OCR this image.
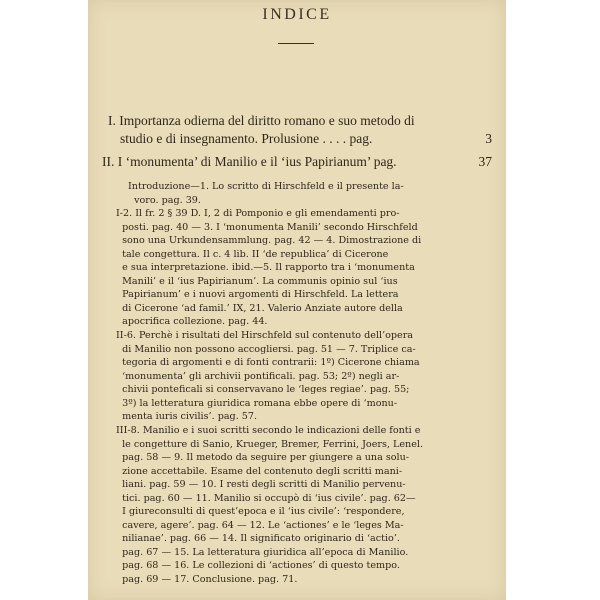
INDICE
I. Importanza odierna del diritto romano e suo metodo di
studio e di insegnamento. Prolusione . . . . pag.	3
II. I ‘monumenta’ di Manilio e il ‘ius Papirianum’ pag.	37
Introduzione—1. Lo scritto di Hirschfeld e il presente la-
voro. pag. 39.
I-2. Il fr. 2 § 39 D. I, 2 di Pomponio e gli emendamenti pro-
posti. pag. 40 — 3. I ‘monumenta Manili’ secondo Hirschfeld
sono una Urkundensammlung. pag. 42 — 4. Dimostrazione di
tale congettura. Il c. 4 lib. II ‘de republica’ di Cicerone
e sua interpretazione. ibid.—5. Il rapporto tra i ‘monumenta
Manili’ e il ‘ius Papirianum’. La communis opinio sul ‘ius
Papirianum’ e i nuovi argomenti di Hirschfeld. La lettera
di Cicerone ‘ad famil.’ IX, 21. Valerio Anziate autore della
apocrifica collezione. pag. 44.
II-6. Perchè i risultati del Hirschfeld sul contenuto dell’opera
di Manilio non possono accogliersi. pag. 51 — 7. Triplice ca-
tegoria di argomenti e di fonti contrarii: 1º) Cicerone chiama
‘monumenta’ gli archivii pontificali. pag. 53; 2º) negli ar-
chivii ponteficali si conservavano le ‘leges regiae’. pag. 55;
3º) la letteratura giuridica romana ebbe opere di ‘monu-
menta iuris civilis’. pag. 57.
III-8. Manilio e i suoi scritti secondo le indicazioni delle fonti e
le congetture di Sanio, Krueger, Bremer, Ferrini, Joers, Lenel.
pag. 58 — 9. Il metodo da seguire per giungere a una solu-
zione accettabile. Esame del contenuto degli scritti mani-
liani. pag. 59 — 10. I resti degli scritti di Manilio pervenu-
tici. pag. 60 — 11. Manilio si occupò di ‘ius civile’. pag. 62—
I giureconsulti di quest’epoca e il ‘ius civile’: ‘respondere,
cavere, agere’. pag. 64 — 12. Le ‘actiones’ e le ‘leges Ma-
nilianae’. pag. 66 — 14. Il significato originario di ‘actio’.
pag. 67 — 15. La letteratura giuridica all’epoca di Manilio.
pag. 68 — 16. Le collezioni di ‘actiones’ di questo tempo.
pag. 69 — 17. Conclusione. pag. 71.
